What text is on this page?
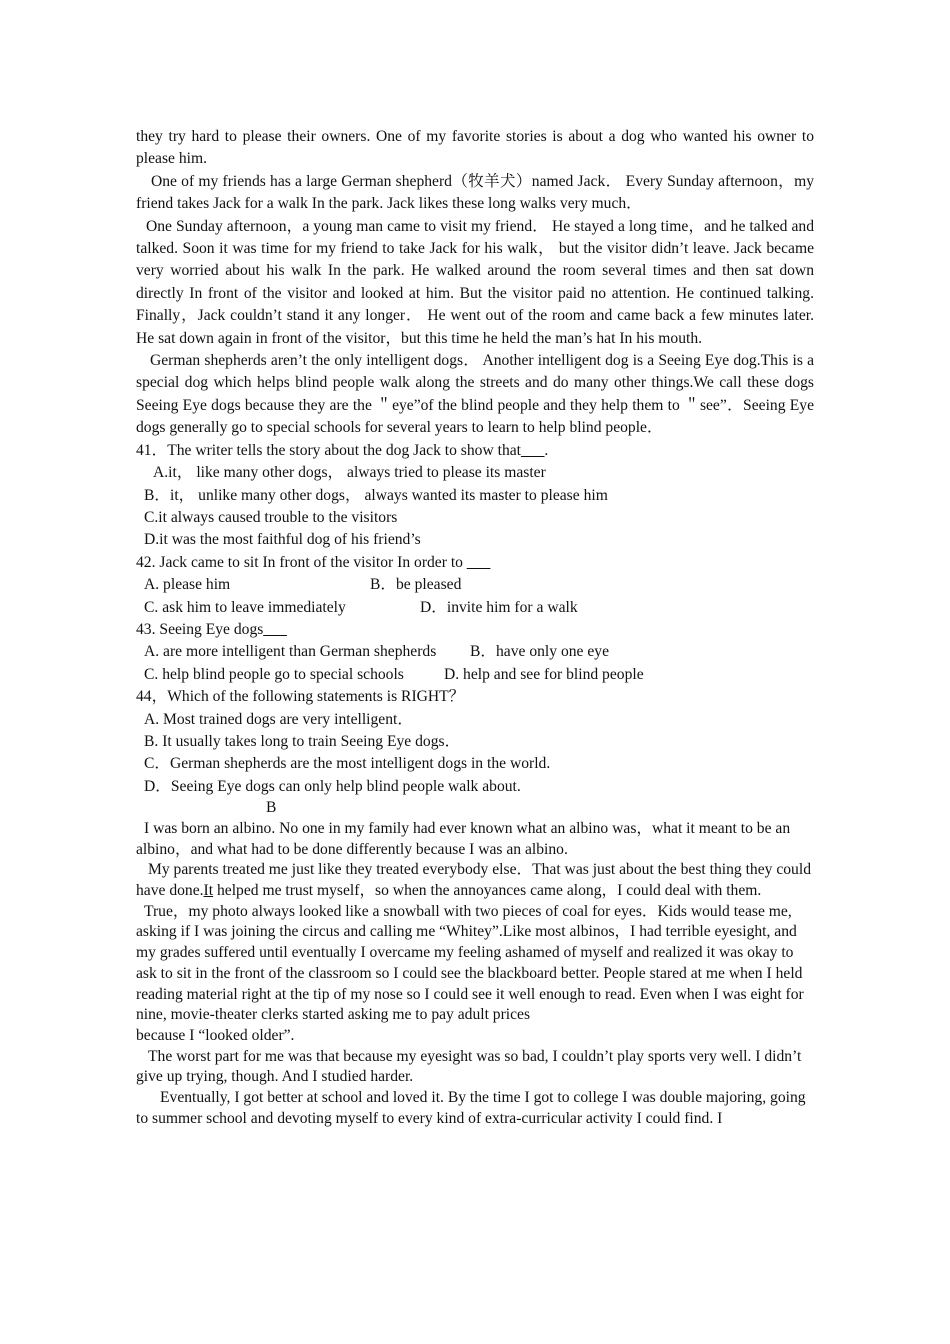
they try hard to please their owners. One of my favorite stories is about a dog who wanted his owner to please him.

One of my friends has a large German shepherd（牧羊犬）named Jack． Every Sunday afternoon，my friend takes Jack for a walk In the park. Jack likes these long walks very much．

One Sunday afternoon，a young man came to visit my friend． He stayed a long time，and he talked and talked. Soon it was time for my friend to take Jack for his walk， but the visitor didn’t leave. Jack became very worried about his walk In the park. He walked around the room several times and then sat down directly In front of the visitor and looked at him. But the visitor paid no attention. He continued talking. Finally，Jack couldn’t stand it any longer． He went out of the room and came back a few minutes later. He sat down again in front of the visitor，but this time he held the man’s hat In his mouth.

German shepherds aren’t the only intelligent dogs． Another intelligent dog is a Seeing Eye dog.This is a special dog which helps blind people walk along the streets and do many other things.We call these dogs Seeing Eye dogs because they are the ＂eye”of the blind people and they help them to ＂see”．Seeing Eye dogs generally go to special schools for several years to learn to help blind people．

41．The writer tells the story about the dog Jack to show that___.

A.it， like many other dogs， always tried to please its master

B．it， unlike many other dogs， always wanted its master to please him

C.it always caused trouble to the visitors

D.it was the most faithful dog of his friend’s

42. Jack came to sit In front of the visitor In order to ___

A. please him	B．be pleased

C. ask him to leave immediately	D．invite him for a walk

43. Seeing Eye dogs___

A. are more intelligent than German shepherds B．have only one eye

C. help blind people go to special schools	D. help and see for blind people

44，Which of the following statements is RIGHT？

A. Most trained dogs are very intelligent．

B. It usually takes long to train Seeing Eye dogs．

C．German shepherds are the most intelligent dogs in the world.

D．Seeing Eye dogs can only help blind people walk about.

B

I was born an albino. No one in my family had ever known what an albino was，what it meant to be an albino，and what had to be done differently because I was an albino.

My parents treated me just like they treated everybody else．That was just about the best thing they could have done.It helped me trust myself，so when the annoyances came along，I could deal with them.

True，my photo always looked like a snowball with two pieces of coal for eyes．Kids would tease me, asking if I was joining the circus and calling me “Whitey”.Like most albinos，I had terrible eyesight, and my grades suffered until eventually I overcame my feeling ashamed of myself and realized it was okay to ask to sit in the front of the classroom so I could see the blackboard better. People stared at me when I held reading material right at the tip of my nose so I could see it well enough to read. Even when I was eight for nine, movie-theater clerks started asking me to pay adult prices

because I “looked older”.

The worst part for me was that because my eyesight was so bad, I couldn’t play sports very well. I didn’t give up trying, though. And I studied harder.

Eventually, I got better at school and loved it. By the time I got to college I was double majoring, going to summer school and devoting myself to every kind of extra-curricular activity I could find. I
